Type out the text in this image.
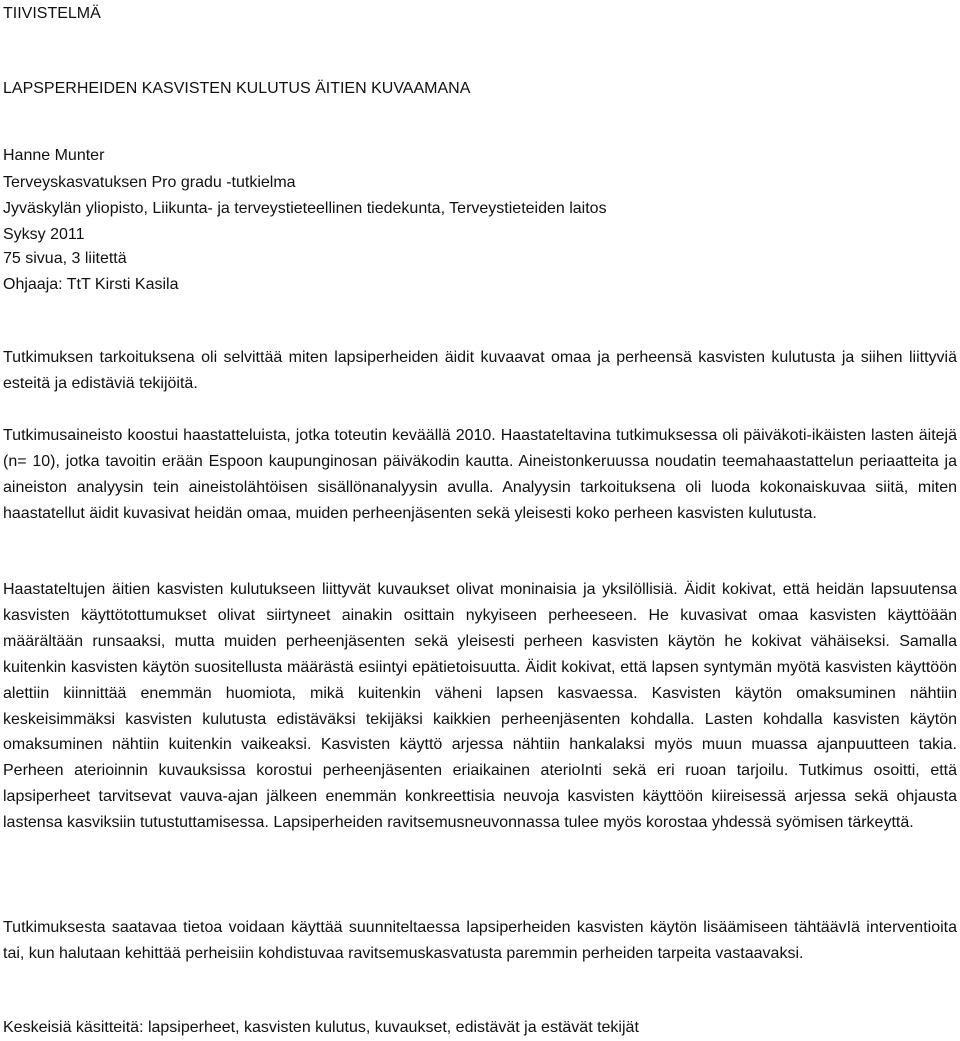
TIIVISTELMÄ
LAPSPERHEIDEN KASVISTEN KULUTUS ÄITIEN KUVAAMANA
Hanne Munter
Terveyskasvatuksen Pro gradu -tutkielma
Jyväskylän yliopisto, Liikunta- ja terveystieteellinen tiedekunta, Terveystieteiden laitos
Syksy 2011
75 sivua, 3 liitettä
Ohjaaja: TtT Kirsti Kasila
Tutkimuksen tarkoituksena oli selvittää miten lapsiperheiden äidit kuvaavat omaa ja perheensä kasvisten kulutusta ja siihen liittyviä esteitä ja edistäviä tekijöitä.
Tutkimusaineisto koostui haastatteluista, jotka toteutin keväällä 2010. Haastateltavina tutkimuksessa oli päiväkoti-ikäisten lasten äitejä (n= 10), jotka tavoitin erään Espoon kaupunginosan päiväkodin kautta. Aineistonkeruussa noudatin teemahaastattelun periaatteita ja aineiston analyysin tein aineistolähtöisen sisällönanalyysin avulla. Analyysin tarkoituksena oli luoda kokonaiskuvaa siitä, miten haastatellut äidit kuvasivat heidän omaa, muiden perheenjäsenten sekä yleisesti koko perheen kasvisten kulutusta.
Haastateltujen äitien kasvisten kulutukseen liittyvät kuvaukset olivat moninaisia ja yksilöllisiä. Äidit kokivat, että heidän lapsuutensa kasvisten käyttötottumukset olivat siirtyneet ainakin osittain nykyiseen perheeseen. He kuvasivat omaa kasvisten käyttöään määrältään runsaaksi, mutta muiden perheenjäsenten sekä yleisesti perheen kasvisten käytön he kokivat vähäiseksi. Samalla kuitenkin kasvisten käytön suositellusta määrästä esiintyi epätietoisuutta. Äidit kokivat, että lapsen syntymän myötä kasvisten käyttöön alettiin kiinnittää enemmän huomiota, mikä kuitenkin väheni lapsen kasvaessa. Kasvisten käytön omaksuminen nähtiin keskeisimmäksi kasvisten kulutusta edistäväksi tekijäksi kaikkien perheenjäsenten kohdalla. Lasten kohdalla kasvisten käytön omaksuminen nähtiin kuitenkin vaikeaksi. Kasvisten käyttö arjessa nähtiin hankalaksi myös muun muassa ajanpuutteen takia. Perheen aterioinnin kuvauksissa korostui perheenjäsenten eriaikainen aterioInti sekä eri ruoan tarjoilu. Tutkimus osoitti, että lapsiperheet tarvitsevat vauva-ajan jälkeen enemmän konkreettisia neuvoja kasvisten käyttöön kiireisessä arjessa sekä ohjausta lastensa kasviksiin tutustuttamisessa. Lapsiperheiden ravitsemusneuvonnassa tulee myös korostaa yhdessä syömisen tärkeyttä.
Tutkimuksesta saatavaa tietoa voidaan käyttää suunniteltaessa lapsiperheiden kasvisten käytön lisäämiseen tähtäävIä interventioita tai, kun halutaan kehittää perheisiin kohdistuvaa ravitsemuskasvatusta paremmin perheiden tarpeita vastaavaksi.
Keskeisiä käsitteitä: lapsiperheet, kasvisten kulutus, kuvaukset, edistävät ja estävät tekijät
